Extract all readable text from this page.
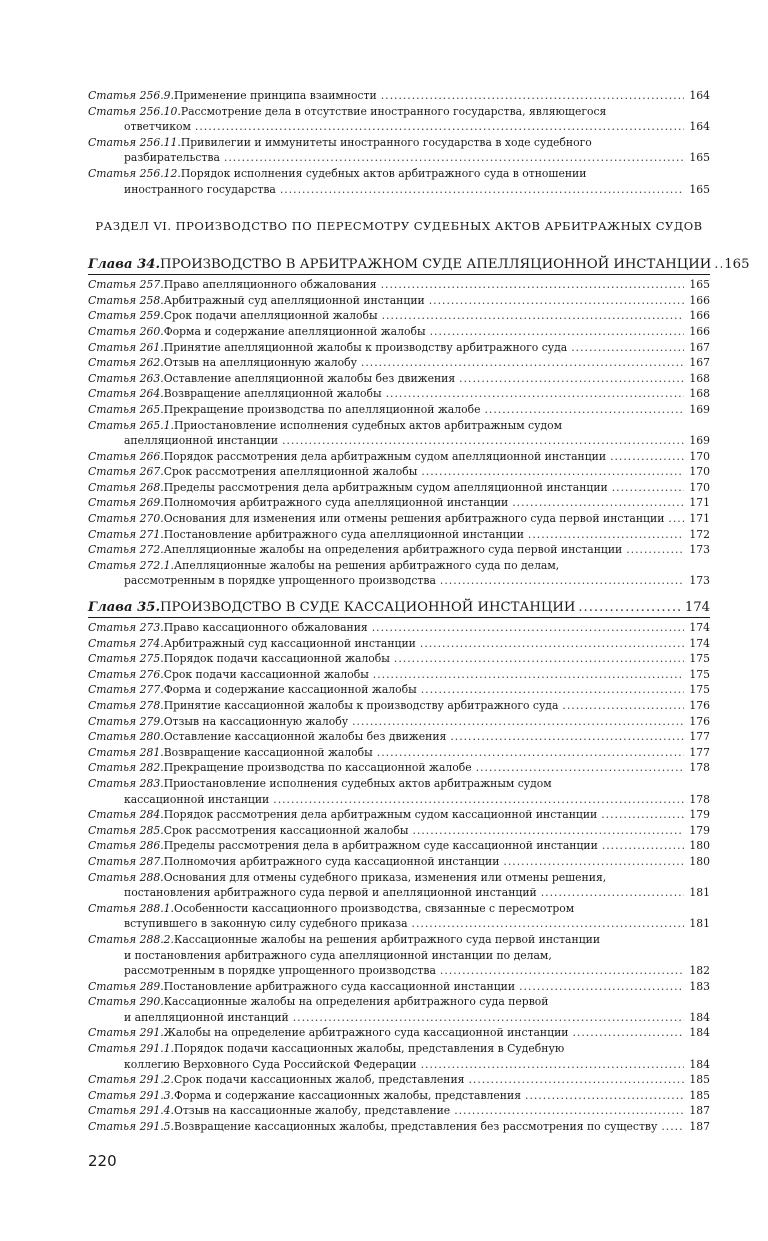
Статья 256.9. Применение принципа взаимности .....	164
Статья 256.10. Рассмотрение дела в отсутствие иностранного государства, являющегося
ответчиком .....	164
Статья 256.11. Привилегии и иммунитеты иностранного государства в ходе судебного
разбирательства .....	165
Статья 256.12. Порядок исполнения судебных актов арбитражного суда в отношении
иностранного государства .....	165
РАЗДЕЛ VI. ПРОИЗВОДСТВО ПО ПЕРЕСМОТРУ СУДЕБНЫХ АКТОВ АРБИТРАЖНЫХ СУДОВ
Глава 34. ПРОИЗВОДСТВО В АРБИТРАЖНОМ СУДЕ АПЕЛЛЯЦИОННОЙ ИНСТАНЦИИ ..... 165
Статья 257. Право апелляционного обжалования .....	165
Статья 258. Арбитражный суд апелляционной инстанции .....	166
Статья 259. Срок подачи апелляционной жалобы .....	166
Статья 260. Форма и содержание апелляционной жалобы .....	166
Статья 261. Принятие апелляционной жалобы к производству арбитражного суда .....	167
Статья 262. Отзыв на апелляционную жалобу .....	167
Статья 263. Оставление апелляционной жалобы без движения .....	168
Статья 264. Возвращение апелляционной жалобы .....	168
Статья 265. Прекращение производства по апелляционной жалобе .....	169
Статья 265.1. Приостановление исполнения судебных актов арбитражным судом
апелляционной инстанции .....	169
Статья 266. Порядок рассмотрения дела арбитражным судом апелляционной инстанции .....	170
Статья 267. Срок рассмотрения апелляционной жалобы .....	170
Статья 268. Пределы рассмотрения дела арбитражным судом апелляционной инстанции .....	170
Статья 269. Полномочия арбитражного суда апелляционной инстанции .....	171
Статья 270. Основания для изменения или отмены решения арбитражного суда первой инстанции ..... 171
Статья 271. Постановление арбитражного суда апелляционной инстанции .....	172
Статья 272. Апелляционные жалобы на определения арбитражного суда первой инстанции .....	173
Статья 272.1. Апелляционные жалобы на решения арбитражного суда по делам,
рассмотренным в порядке упрощенного производства .....	173
Глава 35. ПРОИЗВОДСТВО В СУДЕ КАССАЦИОННОЙ ИНСТАНЦИИ .....	174
Статья 273. Право кассационного обжалования .....	174
Статья 274. Арбитражный суд кассационной инстанции .....	174
Статья 275. Порядок подачи кассационной жалобы .....	175
Статья 276. Срок подачи кассационной жалобы .....	175
Статья 277. Форма и содержание кассационной жалобы .....	175
Статья 278. Принятие кассационной жалобы к производству арбитражного суда .....	176
Статья 279. Отзыв на кассационную жалобу .....	176
Статья 280. Оставление кассационной жалобы без движения .....	177
Статья 281. Возвращение кассационной жалобы .....	177
Статья 282. Прекращение производства по кассационной жалобе .....	178
Статья 283. Приостановление исполнения судебных актов арбитражным судом
кассационной инстанции .....	178
Статья 284. Порядок рассмотрения дела арбитражным судом кассационной инстанции .....	179
Статья 285. Срок рассмотрения кассационной жалобы .....	179
Статья 286. Пределы рассмотрения дела в арбитражном суде кассационной инстанции .....	180
Статья 287. Полномочия арбитражного суда кассационной инстанции .....	180
Статья 288. Основания для отмены судебного приказа, изменения или отмены решения,
постановления арбитражного суда первой и апелляционной инстанций .....	181
Статья 288.1. Особенности кассационного производства, связанные с пересмотром
вступившего в законную силу судебного приказа .....	181
Статья 288.2. Кассационные жалобы на решения арбитражного суда первой инстанции
и постановления арбитражного суда апелляционной инстанции по делам,
рассмотренным в порядке упрощенного производства .....	182
Статья 289. Постановление арбитражного суда кассационной инстанции .....	183
Статья 290. Кассационные жалобы на определения арбитражного суда первой
и апелляционной инстанций .....	184
Статья 291. Жалобы на определение арбитражного суда кассационной инстанции .....	184
Статья 291.1. Порядок подачи кассационных жалобы, представления в Судебную
коллегию Верховного Суда Российской Федерации .....	184
Статья 291.2. Срок подачи кассационных жалоб, представления .....	185
Статья 291.3. Форма и содержание кассационных жалобы, представления .....	185
Статья 291.4. Отзыв на кассационные жалобу, представление .....	187
Статья 291.5. Возвращение кассационных жалобы, представления без рассмотрения по существу .....	187
220
